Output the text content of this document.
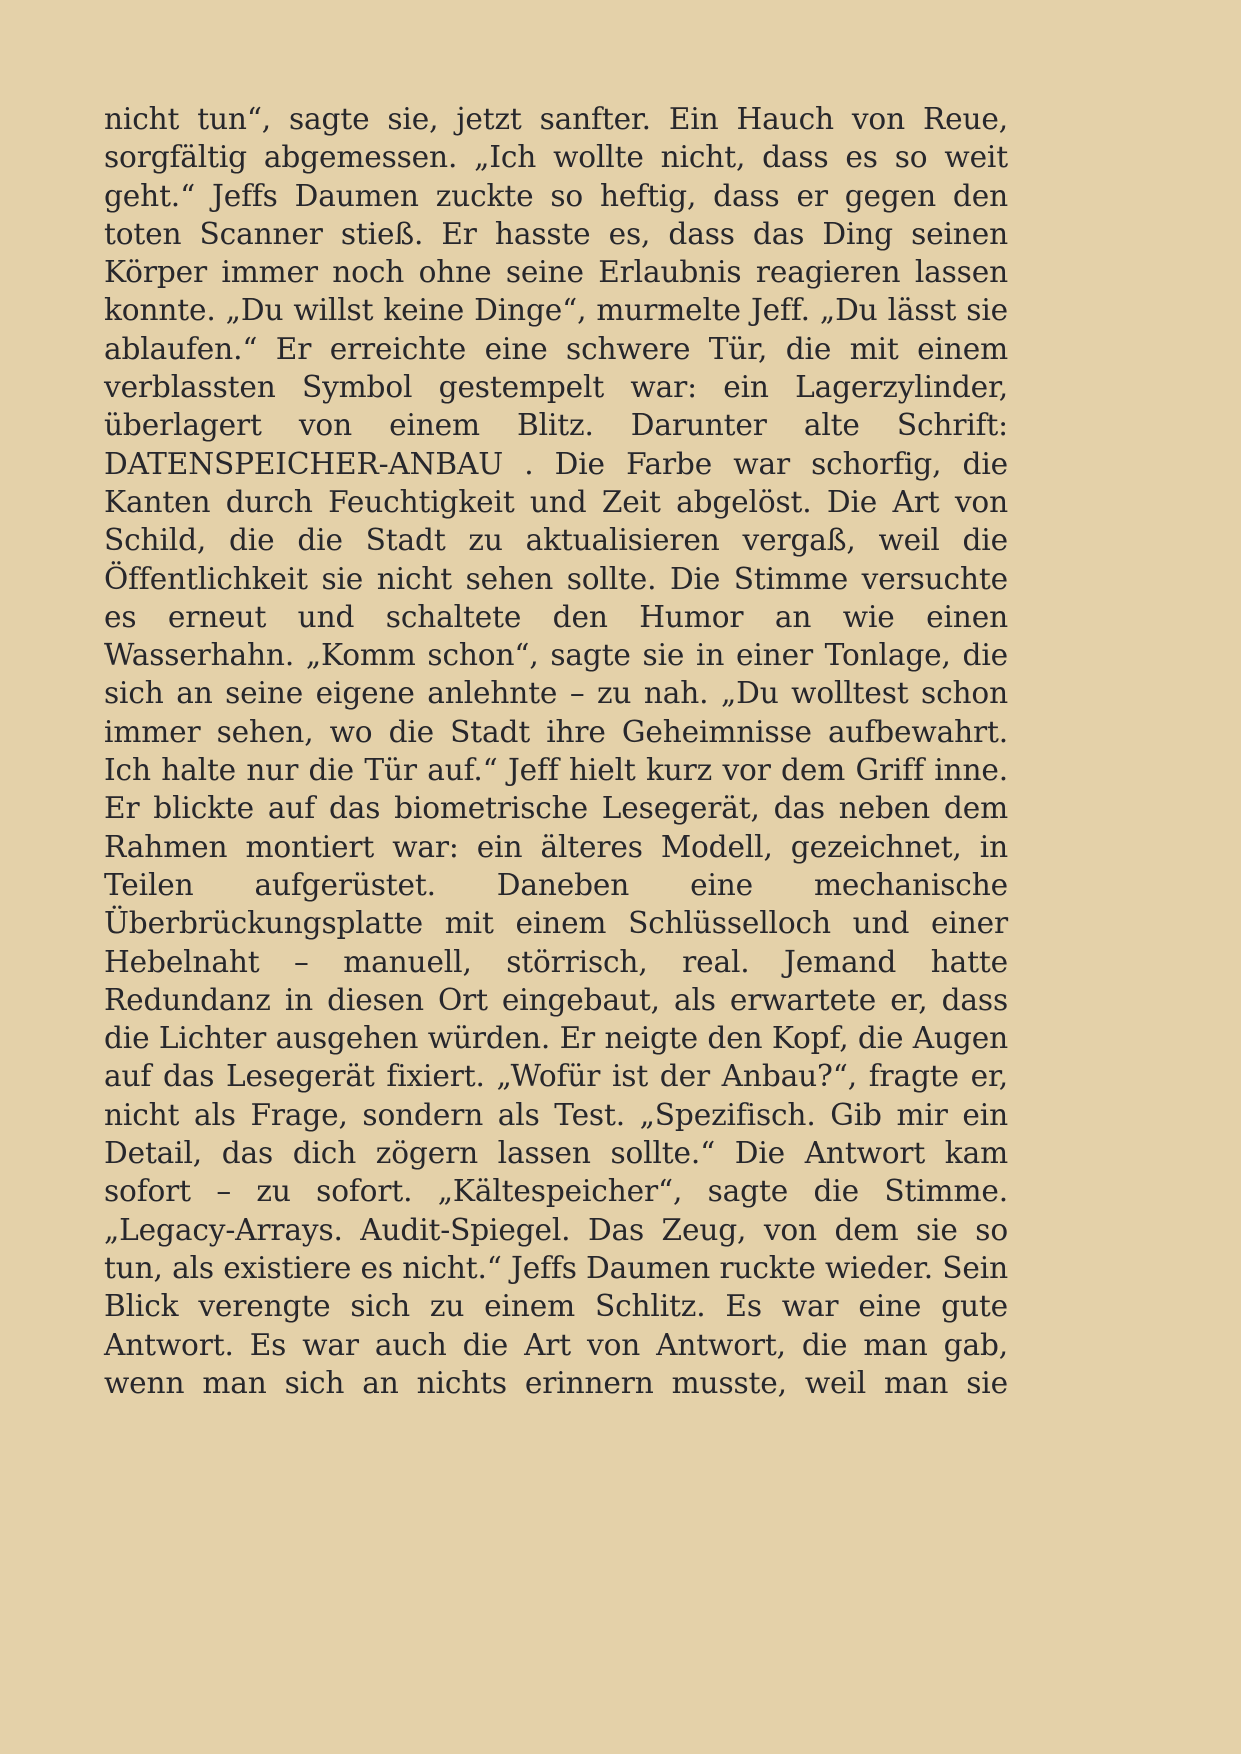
nicht tun“, sagte sie, jetzt sanfter. Ein Hauch von Reue, sorgfältig abgemessen. „Ich wollte nicht, dass es so weit geht.“ Jeffs Daumen zuckte so heftig, dass er gegen den toten Scanner stieß. Er hasste es, dass das Ding seinen Körper immer noch ohne seine Erlaubnis reagieren lassen konnte. „Du willst keine Dinge“, murmelte Jeff. „Du lässt sie ablaufen.“ Er erreichte eine schwere Tür, die mit einem verblassten Symbol gestempelt war: ein Lagerzylinder, überlagert von einem Blitz. Darunter alte Schrift: DATENSPEICHER-ANBAU . Die Farbe war schorfig, die Kanten durch Feuchtigkeit und Zeit abgelöst. Die Art von Schild, die die Stadt zu aktualisieren vergaß, weil die Öffentlichkeit sie nicht sehen sollte. Die Stimme versuchte es erneut und schaltete den Humor an wie einen Wasserhahn. „Komm schon“, sagte sie in einer Tonlage, die sich an seine eigene anlehnte – zu nah. „Du wolltest schon immer sehen, wo die Stadt ihre Geheimnisse aufbewahrt. Ich halte nur die Tür auf.“ Jeff hielt kurz vor dem Griff inne. Er blickte auf das biometrische Lesegerät, das neben dem Rahmen montiert war: ein älteres Modell, gezeichnet, in Teilen aufgerüstet. Daneben eine mechanische Überbrückungsplatte mit einem Schlüsselloch und einer Hebelnaht – manuell, störrisch, real. Jemand hatte Redundanz in diesen Ort eingebaut, als erwartete er, dass die Lichter ausgehen würden. Er neigte den Kopf, die Augen auf das Lesegerät fixiert. „Wofür ist der Anbau?“, fragte er, nicht als Frage, sondern als Test. „Spezifisch. Gib mir ein Detail, das dich zögern lassen sollte.“ Die Antwort kam sofort – zu sofort. „Kältespeicher“, sagte die Stimme. „Legacy-Arrays. Audit-Spiegel. Das Zeug, von dem sie so tun, als existiere es nicht.“ Jeffs Daumen ruckte wieder. Sein Blick verengte sich zu einem Schlitz. Es war eine gute Antwort. Es war auch die Art von Antwort, die man gab, wenn man sich an nichts erinnern musste, weil man sie
